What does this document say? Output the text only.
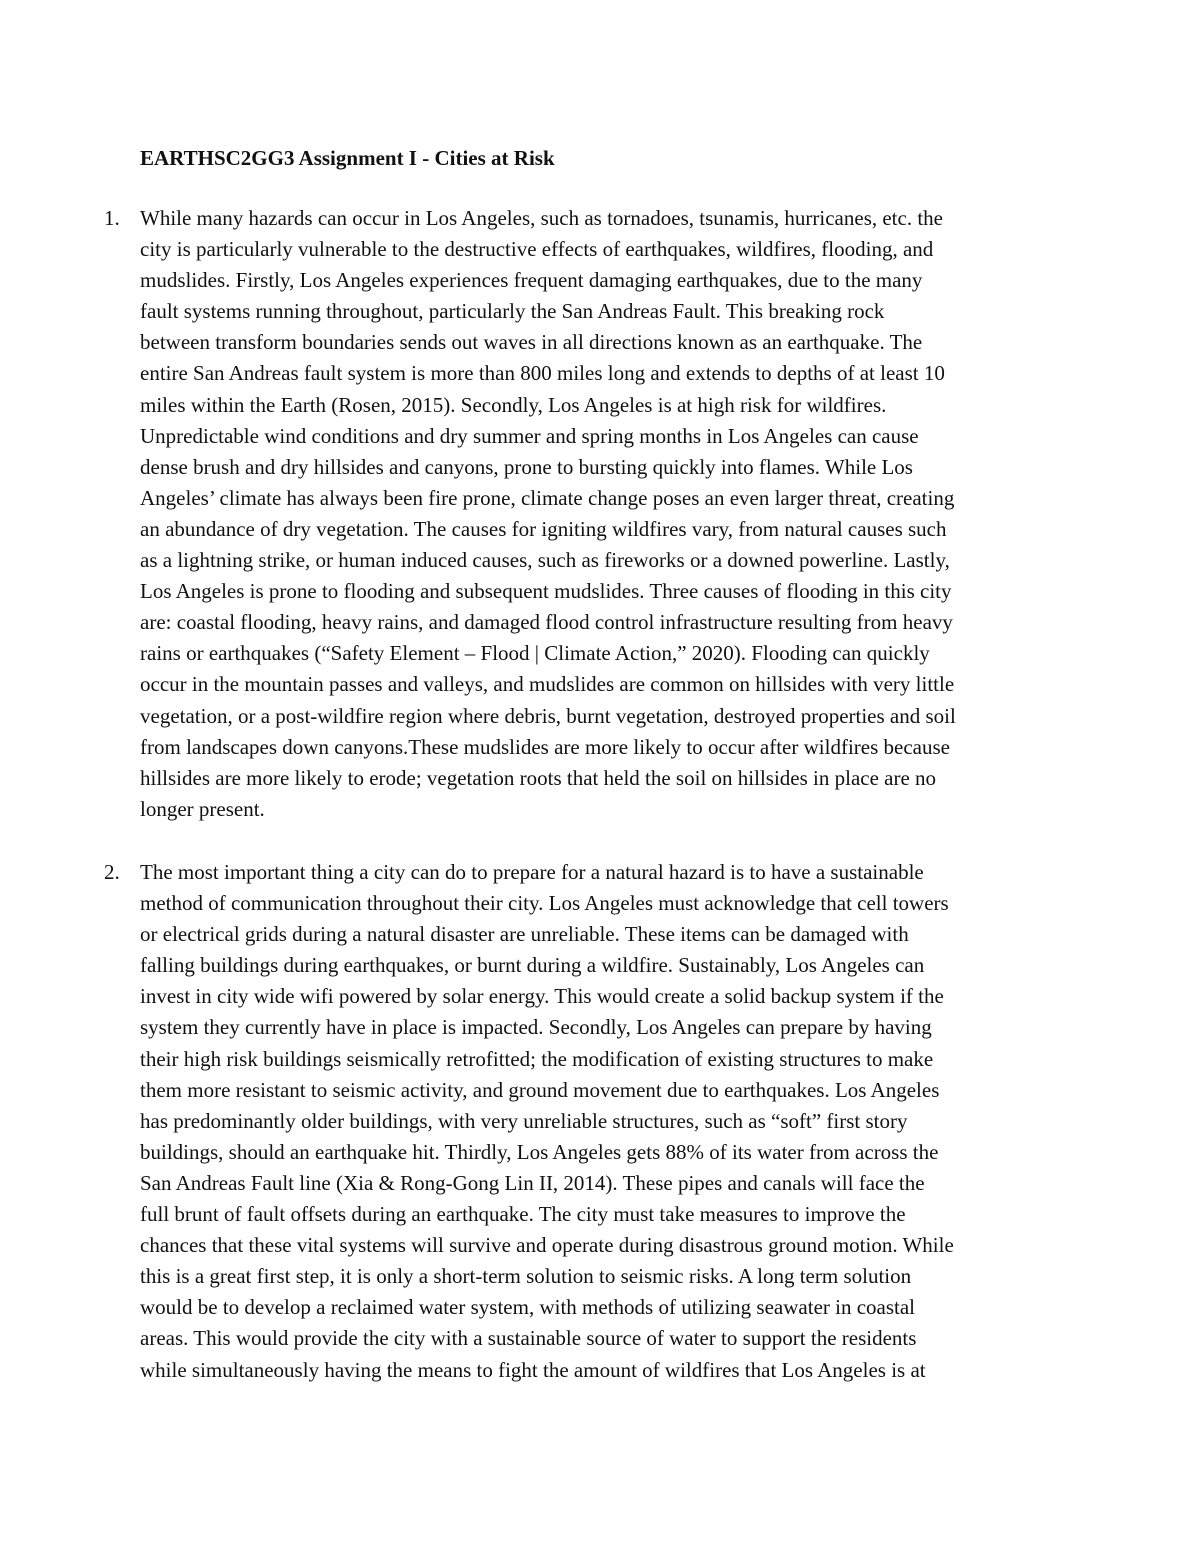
EARTHSC2GG3 Assignment I - Cities at Risk
1. While many hazards can occur in Los Angeles, such as tornadoes, tsunamis, hurricanes, etc. the
city is particularly vulnerable to the destructive effects of earthquakes, wildfires, flooding, and
mudslides. Firstly, Los Angeles experiences frequent damaging earthquakes, due to the many
fault systems running throughout, particularly the San Andreas Fault. This breaking rock
between transform boundaries sends out waves in all directions known as an earthquake. The
entire San Andreas fault system is more than 800 miles long and extends to depths of at least 10
miles within the Earth (Rosen, 2015). Secondly, Los Angeles is at high risk for wildfires.
Unpredictable wind conditions and dry summer and spring months in Los Angeles can cause
dense brush and dry hillsides and canyons, prone to bursting quickly into flames. While Los
Angeles’ climate has always been fire prone, climate change poses an even larger threat, creating
an abundance of dry vegetation. The causes for igniting wildfires vary, from natural causes such
as a lightning strike, or human induced causes, such as fireworks or a downed powerline. Lastly,
Los Angeles is prone to flooding and subsequent mudslides. Three causes of flooding in this city
are: coastal flooding, heavy rains, and damaged flood control infrastructure resulting from heavy
rains or earthquakes (“Safety Element – Flood | Climate Action,” 2020). Flooding can quickly
occur in the mountain passes and valleys, and mudslides are common on hillsides with very little
vegetation, or a post-wildfire region where debris, burnt vegetation, destroyed properties and soil
from landscapes down canyons.These mudslides are more likely to occur after wildfires because
hillsides are more likely to erode; vegetation roots that held the soil on hillsides in place are no
longer present.
2. The most important thing a city can do to prepare for a natural hazard is to have a sustainable
method of communication throughout their city. Los Angeles must acknowledge that cell towers
or electrical grids during a natural disaster are unreliable. These items can be damaged with
falling buildings during earthquakes, or burnt during a wildfire. Sustainably, Los Angeles can
invest in city wide wifi powered by solar energy. This would create a solid backup system if the
system they currently have in place is impacted. Secondly, Los Angeles can prepare by having
their high risk buildings seismically retrofitted; the modification of existing structures to make
them more resistant to seismic activity, and ground movement due to earthquakes. Los Angeles
has predominantly older buildings, with very unreliable structures, such as “soft” first story
buildings, should an earthquake hit. Thirdly, Los Angeles gets 88% of its water from across the
San Andreas Fault line (Xia & Rong-Gong Lin II, 2014). These pipes and canals will face the
full brunt of fault offsets during an earthquake. The city must take measures to improve the
chances that these vital systems will survive and operate during disastrous ground motion. While
this is a great first step, it is only a short-term solution to seismic risks. A long term solution
would be to develop a reclaimed water system, with methods of utilizing seawater in coastal
areas. This would provide the city with a sustainable source of water to support the residents
while simultaneously having the means to fight the amount of wildfires that Los Angeles is at
